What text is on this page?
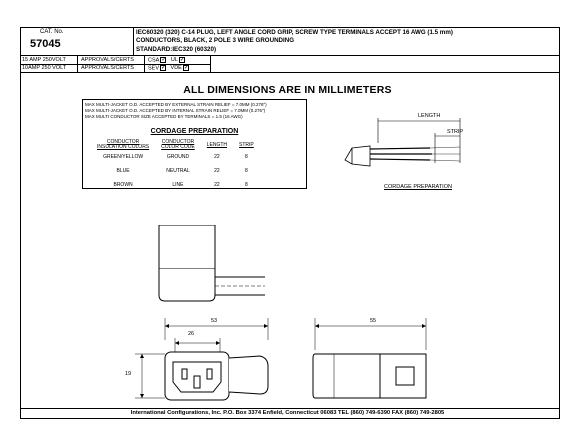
CAT. No.
57045
IEC60320 (320) C-14 PLUG, LEFT ANGLE CORD GRIP, SCREW TYPE TERMINALS ACCEPT 16 AWG (1.5 mm)
CONDUCTORS, BLACK, 2 POLE 3 WIRE GROUNDING
STANDARD:IEC320 (60320)
15 AMP 250VOLT	APPROVALS/CERTS	CSA ✓ UL ✓
10AMP 250 VOLT	APPROVALS/CERTS	SEV ✓ VDE ✓
ALL DIMENSIONS ARE IN MILLIMETERS
MAX MULTI-JACKET O.D. ACCEPTED BY EXTERNAL STRAIN RELIEF = 7.0MM (0.276")
MAX MULTI-JACKET O.D. ACCEPTED BY INTERNAL STRAIN RELIEF = 7.0MM (0.276")
MAX MULTI CONDUCTOR SIZE ACCEPTED BY TERMINALS = 1.5 (16 AWG)
CORDAGE PREPARATION
CONDUCTOR
INSULATION COLORS	CONDUCTOR
COLOR CODE	LENGTH	STRIP
GREEN/YELLOW	GROUND	22	8
BLUE	NEUTRAL	22	8
BROWN	LINE	22	8
LENGTH
STRIP
CORDAGE PREPARATION
53
26
19
55
International Configurations, Inc. P.O. Box 3374 Enfield, Connecticut 06083 TEL (860) 749-6390 FAX (860) 749-2805
